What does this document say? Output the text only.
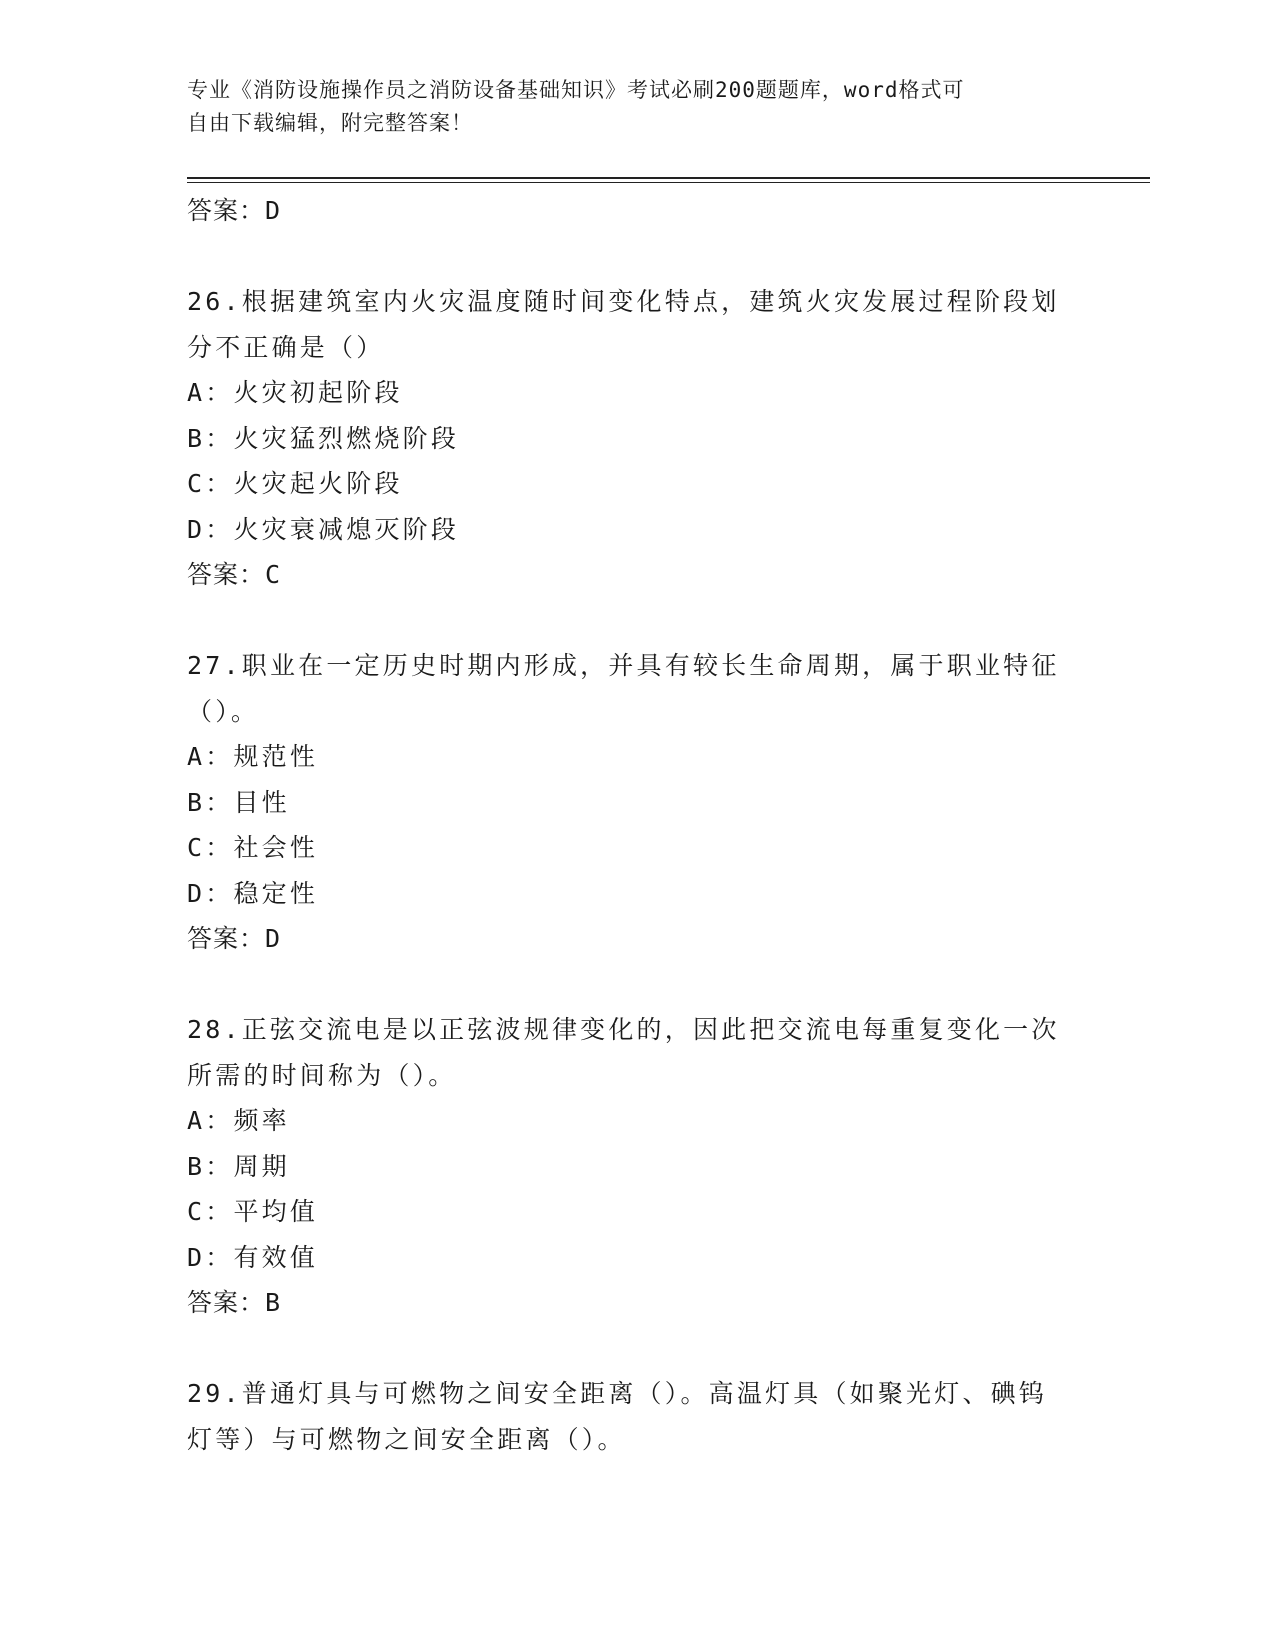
专业《消防设施操作员之消防设备基础知识》考试必刷200题题库，word格式可
自由下载编辑，附完整答案！
答案：D
26.根据建筑室内火灾温度随时间变化特点，建筑火灾发展过程阶段划
分不正确是（）
A：火灾初起阶段
B：火灾猛烈燃烧阶段
C：火灾起火阶段
D：火灾衰减熄灭阶段
答案：C
27.职业在一定历史时期内形成，并具有较长生命周期，属于职业特征
（）。
A：规范性
B：目性
C：社会性
D：稳定性
答案：D
28.正弦交流电是以正弦波规律变化的，因此把交流电每重复变化一次
所需的时间称为（）。
A：频率
B：周期
C：平均值
D：有效值
答案：B
29.普通灯具与可燃物之间安全距离（）。高温灯具（如聚光灯、碘钨
灯等）与可燃物之间安全距离（）。
